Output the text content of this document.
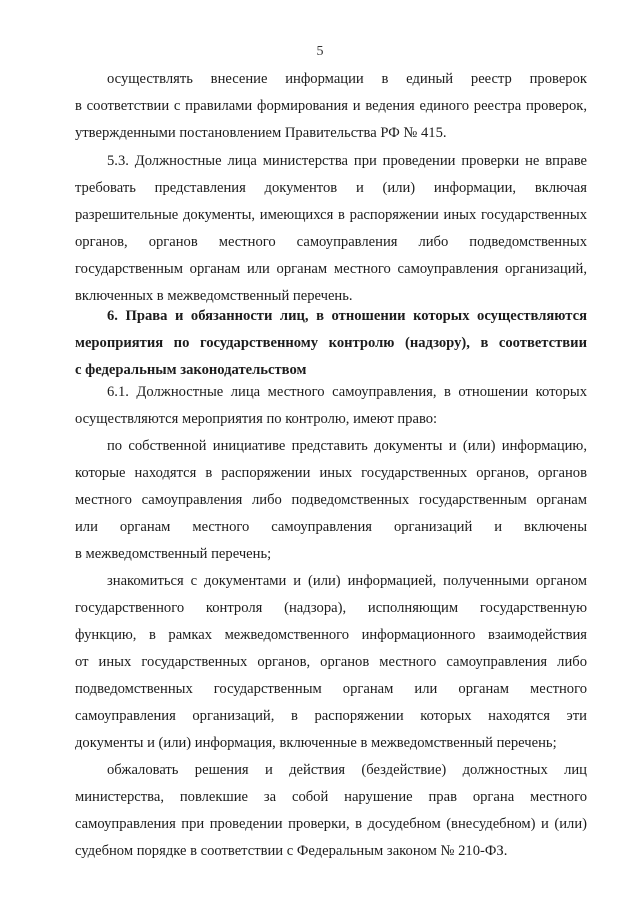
5
осуществлять внесение информации в единый реестр проверок
в соответствии с правилами формирования и ведения единого реестра проверок,
утвержденными постановлением Правительства РФ № 415.
5.3. Должностные лица министерства при проведении проверки не вправе
требовать представления документов и (или) информации, включая
разрешительные документы, имеющихся в распоряжении иных государственных
органов, органов местного самоуправления либо подведомственных
государственным органам или органам местного самоуправления организаций,
включенных в межведомственный перечень.
6. Права и обязанности лиц, в отношении которых осуществляются
мероприятия по государственному контролю (надзору), в соответствии
с федеральным законодательством
6.1. Должностные лица местного самоуправления, в отношении которых
осуществляются мероприятия по контролю, имеют право:
по собственной инициативе представить документы и (или) информацию,
которые находятся в распоряжении иных государственных органов, органов
местного самоуправления либо подведомственных государственным органам
или органам местного самоуправления организаций и включены
в межведомственный перечень;
знакомиться с документами и (или) информацией, полученными органом
государственного контроля (надзора), исполняющим государственную
функцию, в рамках межведомственного информационного взаимодействия
от иных государственных органов, органов местного самоуправления либо
подведомственных государственным органам или органам местного
самоуправления организаций, в распоряжении которых находятся эти
документы и (или) информация, включенные в межведомственный перечень;
обжаловать решения и действия (бездействие) должностных лиц
министерства, повлекшие за собой нарушение прав органа местного
самоуправления при проведении проверки, в досудебном (внесудебном) и (или)
судебном порядке в соответствии с Федеральным законом № 210-ФЗ.
